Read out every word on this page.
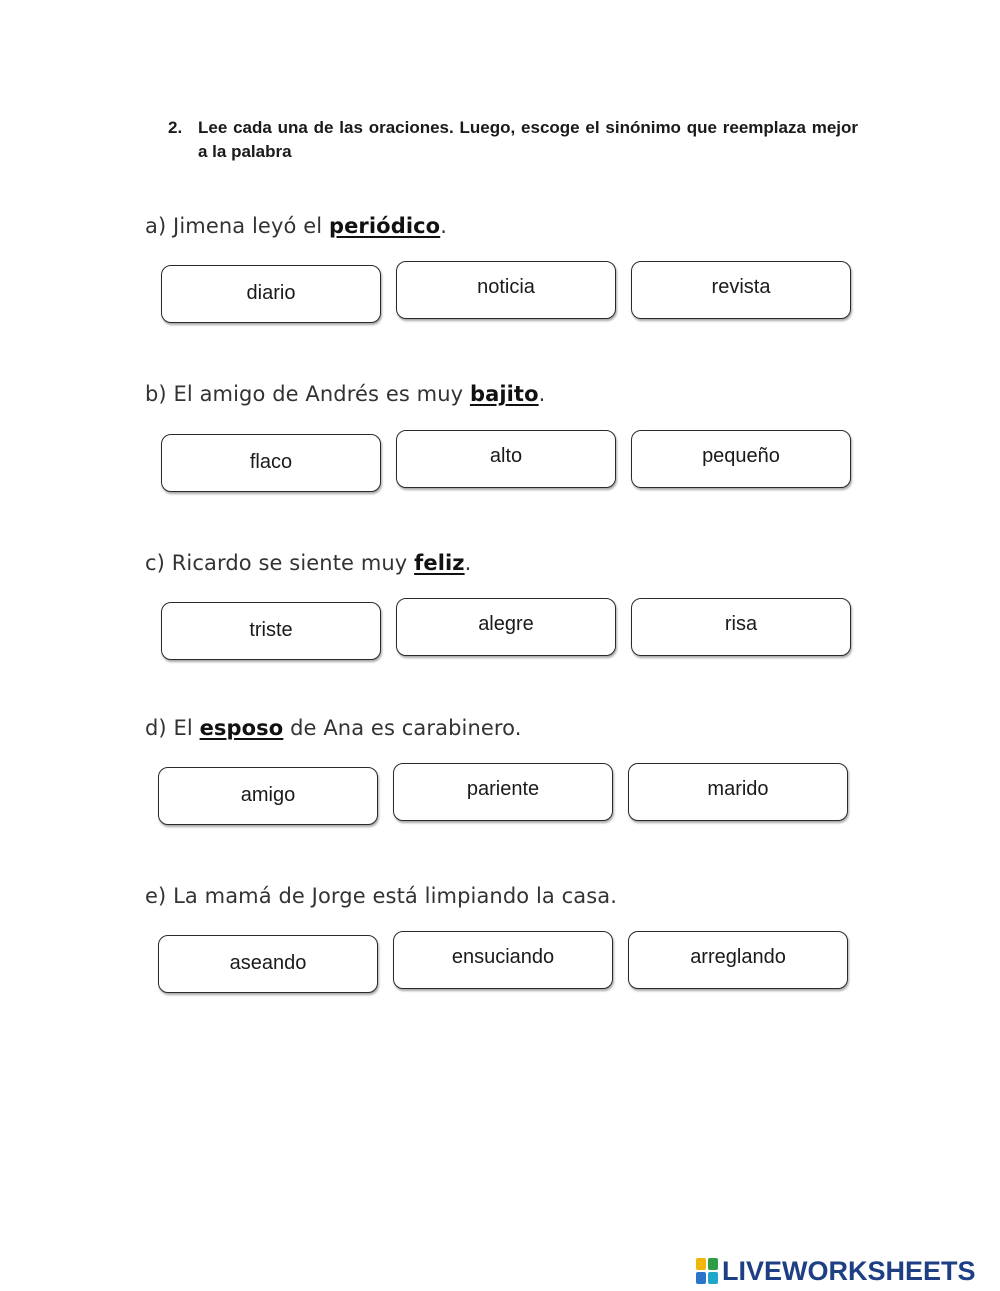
2. Lee cada una de las oraciones. Luego, escoge el sinónimo que reemplaza mejor a la palabra
a) Jimena leyó el periódico.
diario	noticia	revista
b) El amigo de Andrés es muy bajito.
flaco	alto	pequeño
c) Ricardo se siente muy feliz.
triste	alegre	risa
d) El esposo de Ana es carabinero.
amigo	pariente	marido
e) La mamá de Jorge está limpiando la casa.
aseando	ensuciando	arreglando
LIVEWORKSHEETS
